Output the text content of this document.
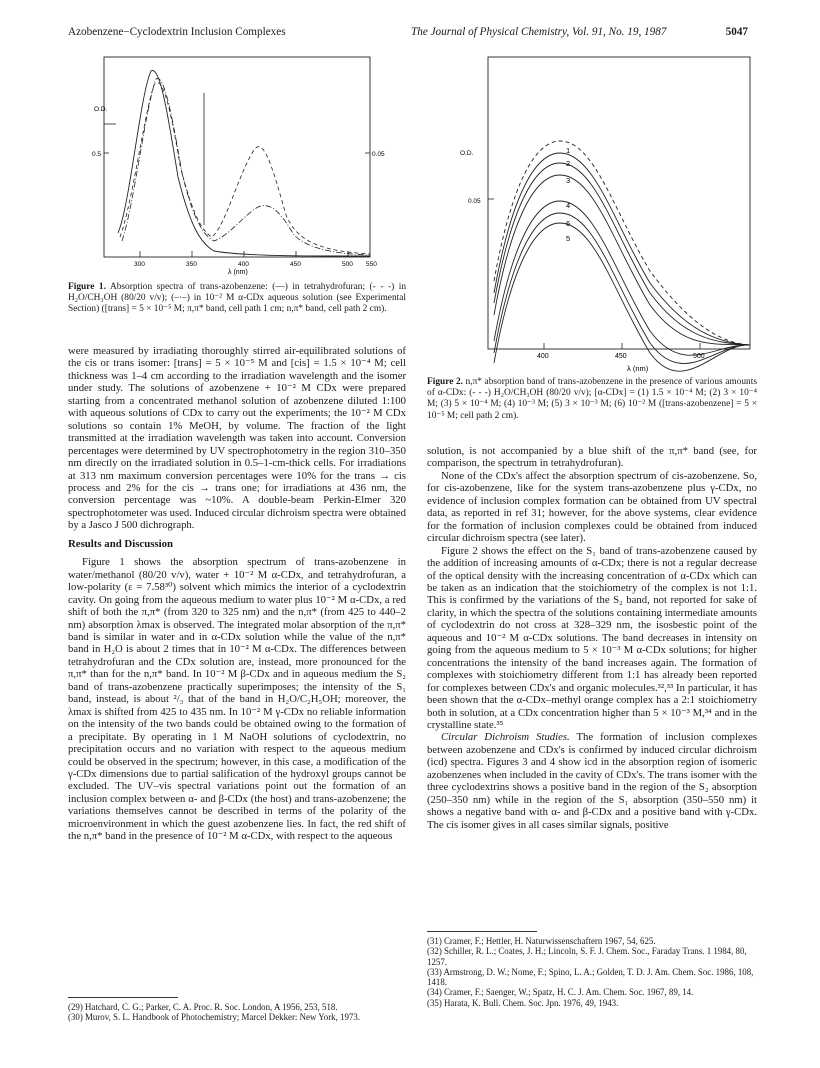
Azobenzene−Cyclodextrin Inclusion Complexes	The Journal of Physical Chemistry, Vol. 91, No. 19, 1987	5047
O.D.
0.5	0.05
300	350	400	450	500 550
λ (nm)
Figure 1. Absorption spectra of trans-azobenzene: (—) in tetrahydrofuran; (- - -) in H₂O/CH₃OH (80/20 v/v); (–·–) in 10⁻² M α-CDx aqueous solution (see Experimental Section) ([trans] = 5 × 10⁻⁵ M; π,π* band, cell path 1 cm; n,π* band, cell path 2 cm).

were measured by irradiating thoroughly stirred air-equilibrated solutions of the cis or trans isomer: [trans] = 5 × 10⁻⁵ M and [cis] = 1.5 × 10⁻⁴ M; cell thickness was 1–4 cm according to the irradiation wavelength and the isomer under study. The solutions of azobenzene + 10⁻² M CDx were prepared starting from a concentrated methanol solution of azobenzene diluted 1:100 with aqueous solutions of CDx to carry out the experiments; the 10⁻² M CDx solutions so contain 1% MeOH, by volume. The fraction of the light transmitted at the irradiation wavelength was taken into account. Conversion percentages were determined by UV spectrophotometry in the region 310–350 nm directly on the irradiated solution in 0.5–1-cm-thick cells. For irradiations at 313 nm maximum conversion percentages were 10% for the trans → cis process and 2% for the cis → trans one; for irradiations at 436 nm, the conversion percentage was ~10%. A double-beam Perkin-Elmer 320 spectrophotometer was used. Induced circular dichroism spectra were obtained by a Jasco J 500 dichrograph.

Results and Discussion

Figure 1 shows the absorption spectrum of trans-azobenzene in water/methanol (80/20 v/v), water + 10⁻² M α-CDx, and tetrahydrofuran, a low-polarity (ε = 7.58³⁰) solvent which mimics the interior of a cyclodextrin cavity. On going from the aqueous medium to water plus 10⁻² M α-CDx, a red shift of both the π,π* (from 320 to 325 nm) and the n,π* (from 425 to 440–2 nm) absorption λmax is observed. The integrated molar absorption of the π,π* band is similar in water and in α-CDx solution while the value of the n,π* band in H₂O is about 2 times that in 10⁻² M α-CDx. The differences between tetrahydrofuran and the CDx solution are, instead, more pronounced for the π,π* than for the n,π* band. In 10⁻² M β-CDx and in aqueous medium the S₂ band of trans-azobenzene practically superimposes; the intensity of the S₁ band, instead, is about ²/₃ that of the band in H₂O/C₂H₅OH; moreover, the λmax is shifted from 425 to 435 nm. In 10⁻² M γ-CDx no reliable information on the intensity of the two bands could be obtained owing to the formation of a precipitate. By operating in 1 M NaOH solutions of cyclodextrin, no precipitation occurs and no variation with respect to the aqueous medium could be observed in the spectrum; however, in this case, a modification of the γ-CDx dimensions due to partial salification of the hydroxyl groups cannot be excluded. The UV–vis spectral variations point out the formation of an inclusion complex between α- and β-CDx (the host) and trans-azobenzene; the variations themselves cannot be described in terms of the polarity of the microenvironment in which the guest azobenzene lies. In fact, the red shift of the n,π* band in the presence of 10⁻² M α-CDx, with respect to the aqueous

(29) Hatchard, C. G.; Parker, C. A. Proc. R. Soc. London, A 1956, 253, 518.
(30) Murov, S. L. Handbook of Photochemistry; Marcel Dekker: New York, 1973.
O.D.
0.05
1
2
3
4
6
5
400	450	500
λ (nm)
Figure 2. n,π* absorption band of trans-azobenzene in the presence of various amounts of α-CDx: (- - -) H₂O/CH₃OH (80/20 v/v); [α-CDx] = (1) 1.5 × 10⁻⁴ M; (2) 3 × 10⁻⁴ M; (3) 5 × 10⁻⁴ M; (4) 10⁻³ M; (5) 3 × 10⁻³ M; (6) 10⁻² M ([trans-azobenzene] = 5 × 10⁻⁵ M; cell path 2 cm).

solution, is not accompanied by a blue shift of the π,π* band (see, for comparison, the spectrum in tetrahydrofuran).

None of the CDx's affect the absorption spectrum of cis-azobenzene. So, for cis-azobenzene, like for the system trans-azobenzene plus γ-CDx, no evidence of inclusion complex formation can be obtained from UV spectral data, as reported in ref 31; however, for the above systems, clear evidence for the formation of inclusion complexes could be obtained from induced circular dichroism spectra (see later).

Figure 2 shows the effect on the S₁ band of trans-azobenzene caused by the addition of increasing amounts of α-CDx; there is not a regular decrease of the optical density with the increasing concentration of α-CDx which can be taken as an indication that the stoichiometry of the complex is not 1:1. This is confirmed by the variations of the S₂ band, not reported for sake of clarity, in which the spectra of the solutions containing intermediate amounts of cyclodextrin do not cross at 328–329 nm, the isosbestic point of the aqueous and 10⁻² M α-CDx solutions. The band decreases in intensity on going from the aqueous medium to 5 × 10⁻³ M α-CDx solutions; for higher concentrations the intensity of the band increases again. The formation of complexes with stoichiometry different from 1:1 has already been reported for complexes between CDx's and organic molecules.³²,³³ In particular, it has been shown that the α-CDx–methyl orange complex has a 2:1 stoichiometry both in solution, at a CDx concentration higher than 5 × 10⁻³ M,³⁴ and in the crystalline state.³⁵

Circular Dichroism Studies. The formation of inclusion complexes between azobenzene and CDx's is confirmed by induced circular dichroism (icd) spectra. Figures 3 and 4 show icd in the absorption region of isomeric azobenzenes when included in the cavity of CDx's. The trans isomer with the three cyclodextrins shows a positive band in the region of the S₂ absorption (250–350 nm) while in the region of the S₁ absorption (350–550 nm) it shows a negative band with α- and β-CDx and a positive band with γ-CDx. The cis isomer gives in all cases similar signals, positive

(31) Cramer, F.; Hettler, H. Naturwissenschaftern 1967, 54, 625.
(32) Schiller, R. L.; Coates, J. H.; Lincoln, S. F. J. Chem. Soc., Faraday Trans. 1 1984, 80, 1257.
(33) Armstrong, D. W.; Nome, F.; Spino, L. A.; Golden, T. D. J. Am. Chem. Soc. 1986, 108, 1418.
(34) Cramer, F.; Saenger, W.; Spatz, H. C. J. Am. Chem. Soc. 1967, 89, 14.
(35) Harata, K. Bull. Chem. Soc. Jpn. 1976, 49, 1943.
